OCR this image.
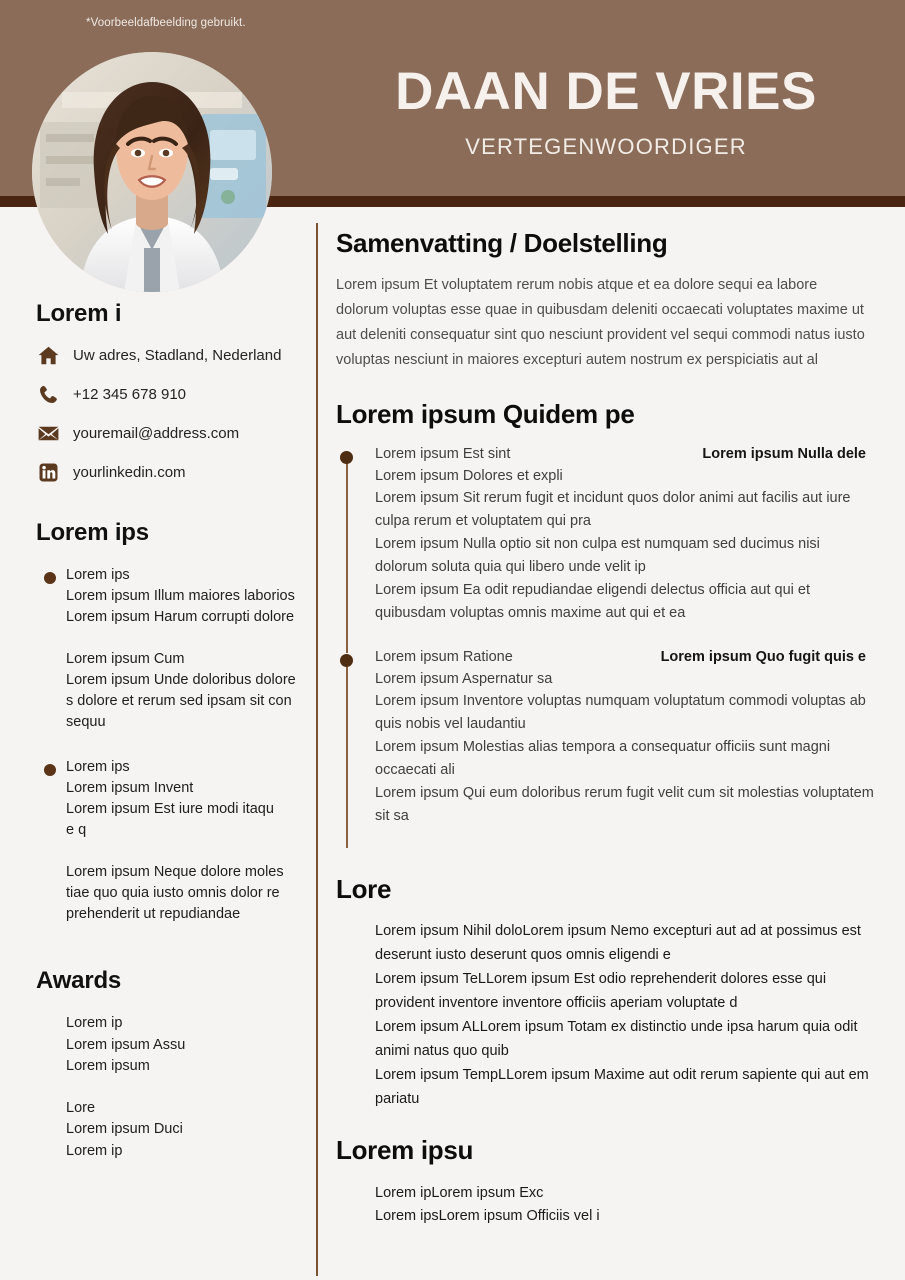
*Voorbeeldafbeelding gebruikt.
DAAN DE VRIES
VERTEGENWOORDIGER
Lorem i
Uw adres, Stadland, Nederland
+12 345 678 910
youremail@address.com
yourlinkedin.com
Lorem ips
Lorem ips
Lorem ipsum Illum maiores laborios
Lorem ipsum Harum corrupti dolore
Lorem ipsum Cum
Lorem ipsum Unde doloribus dolore
s dolore et rerum sed ipsam sit con
sequu
Lorem ips
Lorem ipsum Invent
Lorem ipsum Est iure modi itaqu
e q
Lorem ipsum Neque dolore moles
tiae quo quia iusto omnis dolor re
prehenderit ut repudiandae
Awards
Lorem ip
Lorem ipsum Assu
Lorem ipsum
Lore
Lorem ipsum Duci
Lorem ip
Samenvatting / Doelstelling

Lorem ipsum Et voluptatem rerum nobis atque et ea dolore sequi ea labore dolorum voluptas esse quae in quibusdam deleniti occaecati voluptates maxime ut aut deleniti consequatur sint quo nesciunt provident vel sequi commodi natus iusto voluptas nesciunt in maiores excepturi autem nostrum ex perspiciatis aut al

Lorem ipsum Quidem pe
Lorem ipsum Est sint	Lorem ipsum Nulla dele
Lorem ipsum Dolores et expli

Lorem ipsum Sit rerum fugit et incidunt quos dolor animi aut facilis aut iure culpa rerum et voluptatem qui pra

Lorem ipsum Nulla optio sit non culpa est numquam sed ducimus nisi dolorum soluta quia qui libero unde velit ip

Lorem ipsum Ea odit repudiandae eligendi delectus officia aut qui et quibusdam voluptas omnis maxime aut qui et ea

Lorem ipsum Ratione	Lorem ipsum Quo fugit quis e
Lorem ipsum Aspernatur sa

Lorem ipsum Inventore voluptas numquam voluptatum commodi voluptas ab quis nobis vel laudantiu

Lorem ipsum Molestias alias tempora a consequatur officiis sunt magni occaecati ali

Lorem ipsum Qui eum doloribus rerum fugit velit cum sit molestias voluptatem sit sa

Lore

Lorem ipsum Nihil doloLorem ipsum Nemo excepturi aut ad at possimus est deserunt iusto deserunt quos omnis eligendi e

Lorem ipsum TeLLorem ipsum Est odio reprehenderit dolores esse qui provident inventore inventore officiis aperiam voluptate d

Lorem ipsum ALLorem ipsum Totam ex distinctio unde ipsa harum quia odit animi natus quo quib

Lorem ipsum TempLLorem ipsum Maxime aut odit rerum sapiente qui aut em pariatu

Lorem ipsu
Lorem ipLorem ipsum Exc
Lorem ipsLorem ipsum Officiis vel i
